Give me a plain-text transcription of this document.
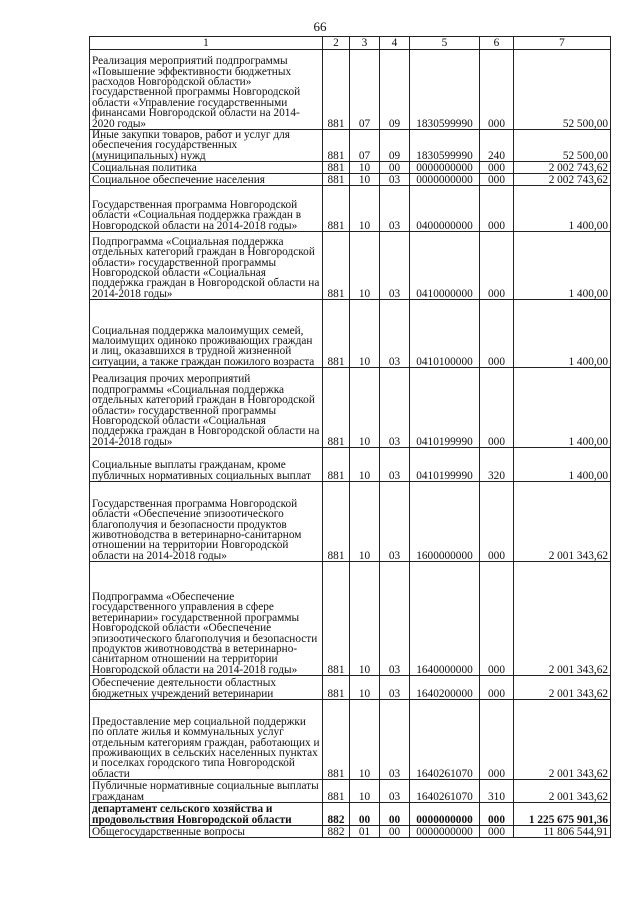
66
1	2	3	4	5	6	7
Реализация мероприятий подпрограммы «Повышение эффективности бюджетных расходов Новгородской области» государственной программы Новгородской области «Управление государственными финансами Новгородской области на 2014-2020 годы»	881	07	09	1830599990	000	52 500,00
Иные закупки товаров, работ и услуг для обеспечения государственных (муниципальных) нужд	881	07	09	1830599990	240	52 500,00
Социальная политика	881	10	00	0000000000	000	2 002 743,62
Социальное обеспечение населения	881	10	03	0000000000	000	2 002 743,62
Государственная программа Новгородской области «Социальная поддержка граждан в Новгородской области на 2014-2018 годы»	881	10	03	0400000000	000	1 400,00
Подпрограмма «Социальная поддержка отдельных категорий граждан в Новгородской области» государственной программы Новгородской области «Социальная поддержка граждан в Новгородской области на 2014-2018 годы»	881	10	03	0410000000	000	1 400,00
Социальная поддержка малоимущих семей, малоимущих одиноко проживающих граждан и лиц, оказавшихся в трудной жизненной ситуации, а также граждан пожилого возраста	881	10	03	0410100000	000	1 400,00
Реализация прочих мероприятий подпрограммы «Социальная поддержка отдельных категорий граждан в Новгородской области» государственной программы Новгородской области «Социальная поддержка граждан в Новгородской области на 2014-2018 годы»	881	10	03	0410199990	000	1 400,00
Социальные выплаты гражданам, кроме публичных нормативных социальных выплат	881	10	03	0410199990	320	1 400,00
Государственная программа Новгородской области «Обеспечение эпизоотического благополучия и безопасности продуктов животноводства в ветеринарно-санитарном отношении на территории Новгородской области на 2014-2018 годы»	881	10	03	1600000000	000	2 001 343,62
Подпрограмма «Обеспечение государственного управления в сфере ветеринарии» государственной программы Новгородской области «Обеспечение эпизоотического благополучия и безопасности продуктов животноводства в ветеринарно-санитарном отношении на территории Новгородской области на 2014-2018 годы»	881	10	03	1640000000	000	2 001 343,62
Обеспечение деятельности областных бюджетных учреждений ветеринарии	881	10	03	1640200000	000	2 001 343,62
Предоставление мер социальной поддержки по оплате жилья и коммунальных услуг отдельным категориям граждан, работающих и проживающих в сельских населенных пунктах и поселках городского типа Новгородской области	881	10	03	1640261070	000	2 001 343,62
Публичные нормативные социальные выплаты гражданам	881	10	03	1640261070	310	2 001 343,62
департамент сельского хозяйства и продовольствия Новгородской области	882	00	00	0000000000	000	1 225 675 901,36
Общегосударственные вопросы	882	01	00	0000000000	000	11 806 544,91
